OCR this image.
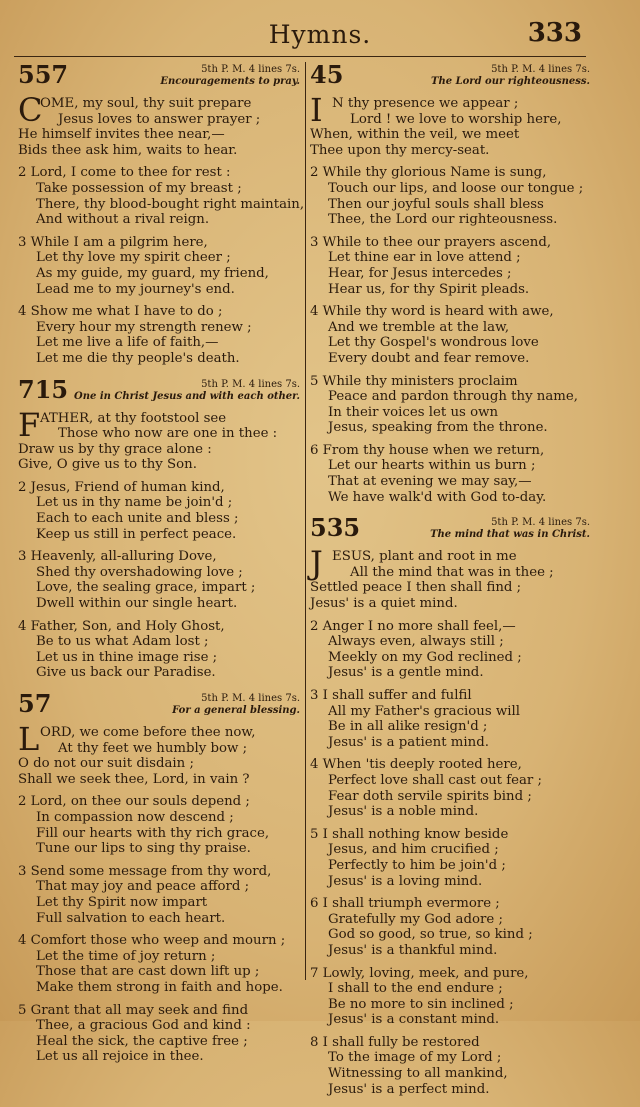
Hymns.	333
557	5th P. M. 4 lines 7s.
Encouragements to pray.
C
OME, my soul, thy suit prepare
Jesus loves to answer prayer ;
He himself invites thee near,—
Bids thee ask him, waits to hear.
2 Lord, I come to thee for rest :
Take possession of my breast ;
There, thy blood-bought right maintain,
And without a rival reign.
3 While I am a pilgrim here,
Let thy love my spirit cheer ;
As my guide, my guard, my friend,
Lead me to my journey's end.
4 Show me what I have to do ;
Every hour my strength renew ;
Let me live a life of faith,—
Let me die thy people's death.
715	5th P. M. 4 lines 7s.
One in Christ Jesus and with each other.
F ATHER, at thy footstool see
Those who now are one in thee :
Draw us by thy grace alone :
Give, O give us to thy Son.
2 Jesus, Friend of human kind,
Let us in thy name be join'd ;
Each to each unite and bless ;
Keep us still in perfect peace.
3 Heavenly, all-alluring Dove,
Shed thy overshadowing love ;
Love, the sealing grace, impart ;
Dwell within our single heart.
4 Father, Son, and Holy Ghost,
Be to us what Adam lost ;
Let us in thine image rise ;
Give us back our Paradise.
57	5th P. M. 4 lines 7s.
For a general blessing.
L ORD, we come before thee now,
At thy feet we humbly bow ;
O do not our suit disdain ;
Shall we seek thee, Lord, in vain ?
2 Lord, on thee our souls depend ;
In compassion now descend ;
Fill our hearts with thy rich grace,
Tune our lips to sing thy praise.
3 Send some message from thy word,
That may joy and peace afford ;
Let thy Spirit now impart
Full salvation to each heart.
4 Comfort those who weep and mourn ;
Let the time of joy return ;
Those that are cast down lift up ;
Make them strong in faith and hope.
5 Grant that all may seek and find
Thee, a gracious God and kind :
Heal the sick, the captive free ;
Let us all rejoice in thee.
45	5th P. M. 4 lines 7s.
The Lord our righteousness.
I N thy presence we appear ;
Lord ! we love to worship here,
When, within the veil, we meet
Thee upon thy mercy-seat.
2 While thy glorious Name is sung,
Touch our lips, and loose our tongue ;
Then our joyful souls shall bless
Thee, the Lord our righteousness.
3 While to thee our prayers ascend,
Let thine ear in love attend ;
Hear, for Jesus intercedes ;
Hear us, for thy Spirit pleads.
4 While thy word is heard with awe,
And we tremble at the law,
Let thy Gospel's wondrous love
Every doubt and fear remove.
5 While thy ministers proclaim
Peace and pardon through thy name,
In their voices let us own
Jesus, speaking from the throne.
6 From thy house when we return,
Let our hearts within us burn ;
That at evening we may say,—
We have walk'd with God to-day.
535	5th P. M. 4 lines 7s.
The mind that was in Christ.
J ESUS, plant and root in me
All the mind that was in thee ;
Settled peace I then shall find ;
Jesus' is a quiet mind.
2 Anger I no more shall feel,—
Always even, always still ;
Meekly on my God reclined ;
Jesus' is a gentle mind.
3 I shall suffer and fulfil
All my Father's gracious will
Be in all alike resign'd ;
Jesus' is a patient mind.
4 When 'tis deeply rooted here,
Perfect love shall cast out fear ;
Fear doth servile spirits bind ;
Jesus' is a noble mind.
5 I shall nothing know beside
Jesus, and him crucified ;
Perfectly to him be join'd ;
Jesus' is a loving mind.
6 I shall triumph evermore ;
Gratefully my God adore ;
God so good, so true, so kind ;
Jesus' is a thankful mind.
7 Lowly, loving, meek, and pure,
I shall to the end endure ;
Be no more to sin inclined ;
Jesus' is a constant mind.
8 I shall fully be restored
To the image of my Lord ;
Witnessing to all mankind,
Jesus' is a perfect mind.
